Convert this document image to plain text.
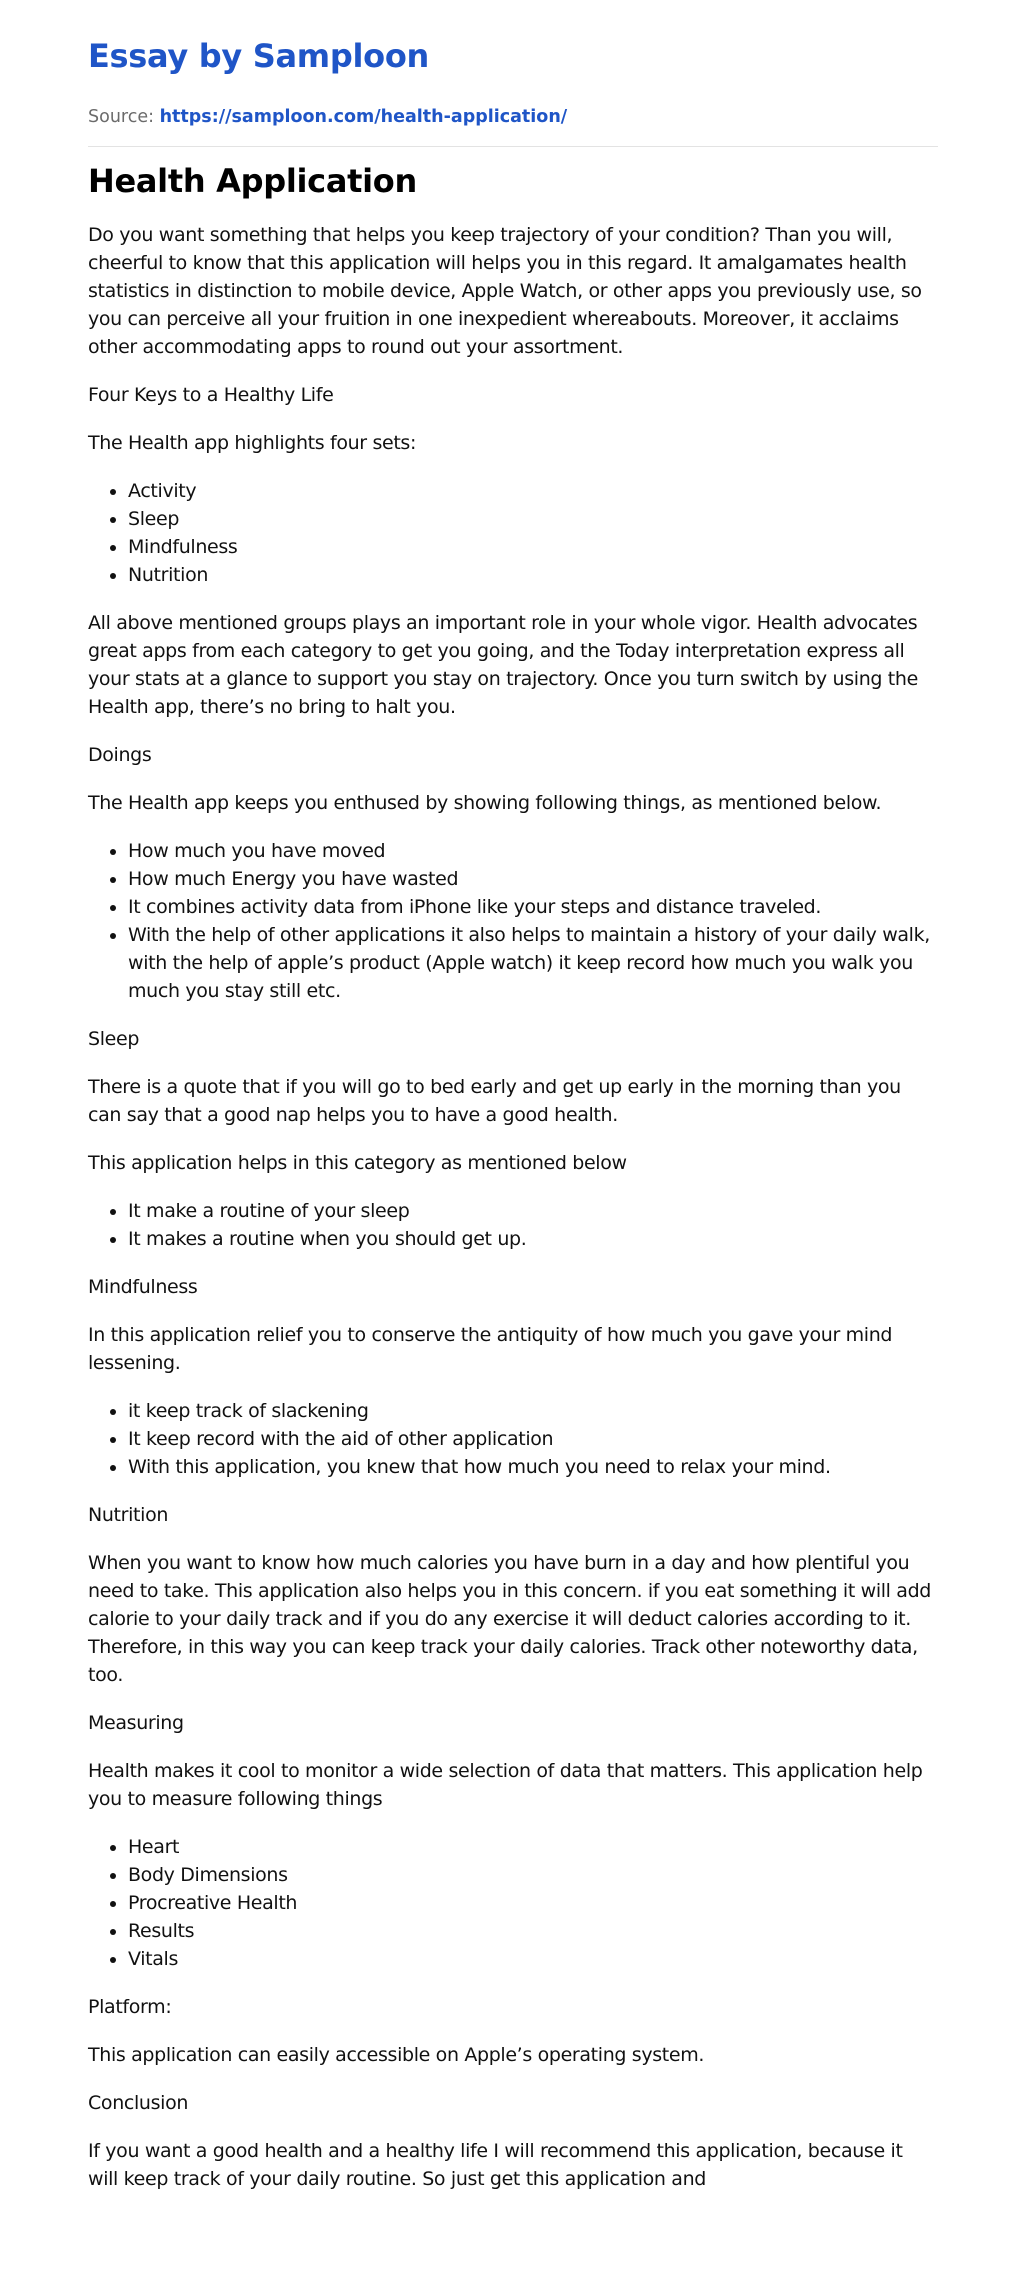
Essay by Samploon
Source: https://samploon.com/health-application/
Health Application

Do you want something that helps you keep trajectory of your condition? Than you will, cheerful to know that this application will helps you in this regard. It amalgamates health statistics in distinction to mobile device, Apple Watch, or other apps you previously use, so you can perceive all your fruition in one inexpedient whereabouts. Moreover, it acclaims other accommodating apps to round out your assortment.

Four Keys to a Healthy Life

The Health app highlights four sets:

• Activity
• Sleep
• Mindfulness
• Nutrition

All above mentioned groups plays an important role in your whole vigor. Health advocates great apps from each category to get you going, and the Today interpretation express all your stats at a glance to support you stay on trajectory. Once you turn switch by using the Health app, there’s no bring to halt you.

Doings

The Health app keeps you enthused by showing following things, as mentioned below.

• How much you have moved
• How much Energy you have wasted
• It combines activity data from iPhone like your steps and distance traveled.
• With the help of other applications it also helps to maintain a history of your daily walk, with the help of apple’s product (Apple watch) it keep record how much you walk you much you stay still etc.

Sleep

There is a quote that if you will go to bed early and get up early in the morning than you can say that a good nap helps you to have a good health.

This application helps in this category as mentioned below

• It make a routine of your sleep
• It makes a routine when you should get up.

Mindfulness

In this application relief you to conserve the antiquity of how much you gave your mind lessening.

• it keep track of slackening
• It keep record with the aid of other application
• With this application, you knew that how much you need to relax your mind.

Nutrition

When you want to know how much calories you have burn in a day and how plentiful you need to take. This application also helps you in this concern. if you eat something it will add calorie to your daily track and if you do any exercise it will deduct calories according to it. Therefore, in this way you can keep track your daily calories. Track other noteworthy data, too.

Measuring

Health makes it cool to monitor a wide selection of data that matters. This application help you to measure following things

• Heart
• Body Dimensions
• Procreative Health
• Results
• Vitals

Platform:

This application can easily accessible on Apple’s operating system.

Conclusion

If you want a good health and a healthy life I will recommend this application, because it will keep track of your daily routine. So just get this application and
